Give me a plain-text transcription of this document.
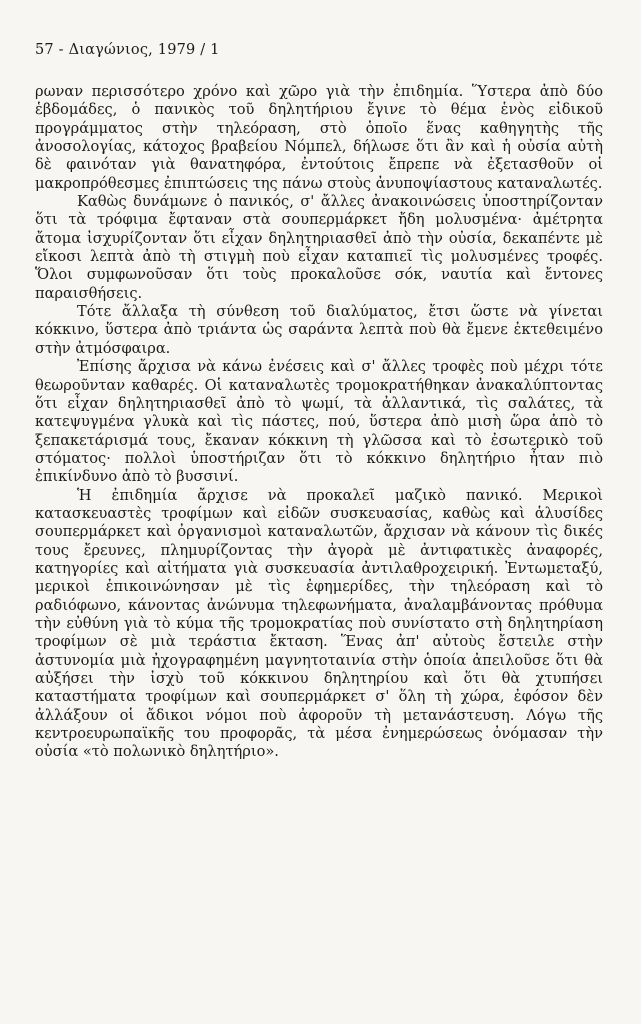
57 - Διαγώνιος, 1979 / 1

ρωναν περισσότερο χρόνο καὶ χῶρο γιὰ τὴν ἐπιδημία. Ὕστερα ἀπὸ δύο ἑβδομάδες, ὁ πανικὸς τοῦ δηλητήριου ἔγινε τὸ θέμα ἑνὸς εἰδικοῦ προγράμματος στὴν τηλεόραση, στὸ ὁποῖο ἕνας καθηγητὴς τῆς ἀνοσολογίας, κάτοχος βραβείου Νόμπελ, δήλωσε ὅτι ἂν καὶ ἡ οὐσία αὐτὴ δὲ φαινόταν γιὰ θανατηφόρα, ἐντούτοις ἔπρεπε νὰ ἐξετασθοῦν οἱ μακροπρόθεσμες ἐπιπτώσεις της πάνω στοὺς ἀνυποψίαστους καταναλωτές.

Καθὼς δυνάμωνε ὁ πανικός, σ' ἄλλες ἀνακοινώσεις ὑποστηρίζονταν ὅτι τὰ τρόφιμα ἔφταναν στὰ σουπερμάρκετ ἤδη μολυσμένα· ἀμέτρητα ἄτομα ἰσχυρίζονταν ὅτι εἶχαν δηλητηριασθεῖ ἀπὸ τὴν οὐσία, δεκαπέντε μὲ εἴκοσι λεπτὰ ἀπὸ τὴ στιγμὴ ποὺ εἶχαν καταπιεῖ τὶς μολυσμένες τροφές. Ὅλοι συμφωνοῦσαν ὅτι τοὺς προκαλοῦσε σόκ, ναυτία καὶ ἔντονες παραισθήσεις.

Τότε ἄλλαξα τὴ σύνθεση τοῦ διαλύματος, ἔτσι ὥστε νὰ γίνεται κόκκινο, ὕστερα ἀπὸ τριάντα ὡς σαράντα λεπτὰ ποὺ θὰ ἔμενε ἐκτεθειμένο στὴν ἀτμόσφαιρα.

Ἐπίσης ἄρχισα νὰ κάνω ἐνέσεις καὶ σ' ἄλλες τροφὲς ποὺ μέχρι τότε θεωροῦνταν καθαρές. Οἱ καταναλωτὲς τρομοκρατήθηκαν ἀνακαλύπτοντας ὅτι εἶχαν δηλητηριασθεῖ ἀπὸ τὸ ψωμί, τὰ ἀλλαντικά, τὶς σαλάτες, τὰ κατεψυγμένα γλυκὰ καὶ τὶς πάστες, πού, ὕστερα ἀπὸ μισὴ ὥρα ἀπὸ τὸ ξεπακετάρισμά τους, ἔκαναν κόκκινη τὴ γλῶσσα καὶ τὸ ἐσωτερικὸ τοῦ στόματος· πολλοὶ ὑποστήριζαν ὅτι τὸ κόκκινο δηλητήριο ἦταν πιὸ ἐπικίνδυνο ἀπὸ τὸ βυσσινί.

Ἡ ἐπιδημία ἄρχισε νὰ προκαλεῖ μαζικὸ πανικό. Μερικοὶ κατασκευαστὲς τροφίμων καὶ εἰδῶν συσκευασίας, καθὼς καὶ ἁλυσίδες σουπερμάρκετ καὶ ὀργανισμοὶ καταναλωτῶν, ἄρχισαν νὰ κάνουν τὶς δικές τους ἔρευνες, πλημυρίζοντας τὴν ἀγορὰ μὲ ἀντιφατικὲς ἀναφορές, κατηγορίες καὶ αἰτήματα γιὰ συσκευασία ἀντιλαθροχειρική. Ἐντωμεταξύ, μερικοὶ ἐπικοινώνησαν μὲ τὶς ἐφημερίδες, τὴν τηλεόραση καὶ τὸ ραδιόφωνο, κάνοντας ἀνώνυμα τηλεφωνήματα, ἀναλαμβάνοντας πρόθυμα τὴν εὐθύνη γιὰ τὸ κύμα τῆς τρομοκρατίας ποὺ συνίστατο στὴ δηλητηρίαση τροφίμων σὲ μιὰ τεράστια ἔκταση. Ἕνας ἀπ' αὐτοὺς ἔστειλε στὴν ἀστυνομία μιὰ ἠχογραφημένη μαγνητοταινία στὴν ὁποία ἀπειλοῦσε ὅτι θὰ αὐξήσει τὴν ἰσχὺ τοῦ κόκκινου δηλητηρίου καὶ ὅτι θὰ χτυπήσει καταστήματα τροφίμων καὶ σουπερμάρκετ σ' ὅλη τὴ χώρα, ἐφόσον δὲν ἀλλάξουν οἱ ἄδικοι νόμοι ποὺ ἀφοροῦν τὴ μετανάστευση. Λόγω τῆς κεντροευρωπαϊκῆς του προφορᾶς, τὰ μέσα ἐνημερώσεως ὀνόμασαν τὴν οὐσία «τὸ πολωνικὸ δηλητήριο».
